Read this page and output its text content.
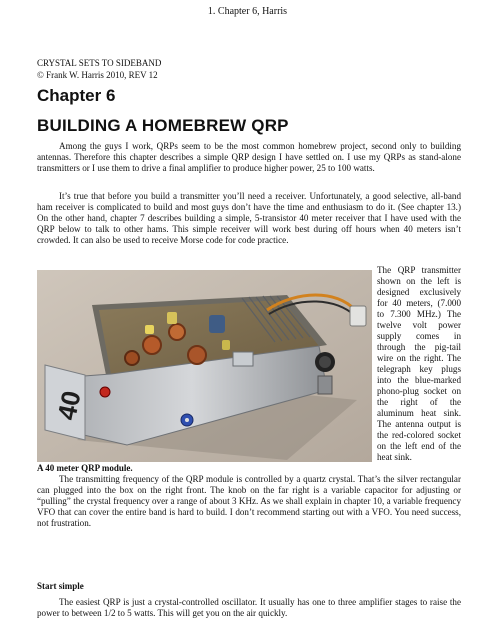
1. Chapter 6, Harris
CRYSTAL SETS TO SIDEBAND
© Frank W. Harris 2010, REV 12
Chapter 6
BUILDING A HOMEBREW QRP

Among the guys I work, QRPs seem to be the most common homebrew project, second only to building antennas. Therefore this chapter describes a simple QRP design I have settled on. I use my QRPs as stand-alone transmitters or I use them to drive a final amplifier to produce higher power, 25 to 100 watts.

It’s true that before you build a transmitter you’ll need a receiver. Unfortunately, a good selective, all-band ham receiver is complicated to build and most guys don’t have the time and enthusiasm to do it. (See chapter 13.) On the other hand, chapter 7 describes building a simple, 5-transistor 40 meter receiver that I have used with the QRP below to talk to other hams. This simple receiver will work best during off hours when 40 meters isn’t crowded. It can also be used to receive Morse code for code practice.

40
A 40 meter QRP module.

The QRP transmitter shown on the left is designed exclusively for 40 meters, (7.000 to 7.300 MHz.) The twelve volt power supply comes in through the pig-tail wire on the right. The telegraph key plugs into the blue-marked phono-plug socket on the right of the aluminum heat sink. The antenna output is the red-colored socket on the left end of the heat sink.

The transmitting frequency of the QRP module is controlled by a quartz crystal. That’s the silver rectangular can plugged into the box on the right front. The knob on the far right is a variable capacitor for adjusting or “pulling” the crystal frequency over a range of about 3 KHz. As we shall explain in chapter 10, a variable frequency VFO that can cover the entire band is hard to build. I don’t recommend starting out with a VFO. You need success, not frustration.

Start simple

The easiest QRP is just a crystal-controlled oscillator. It usually has one to three amplifier stages to raise the power to between 1/2 to 5 watts. This will get you on the air quickly.
